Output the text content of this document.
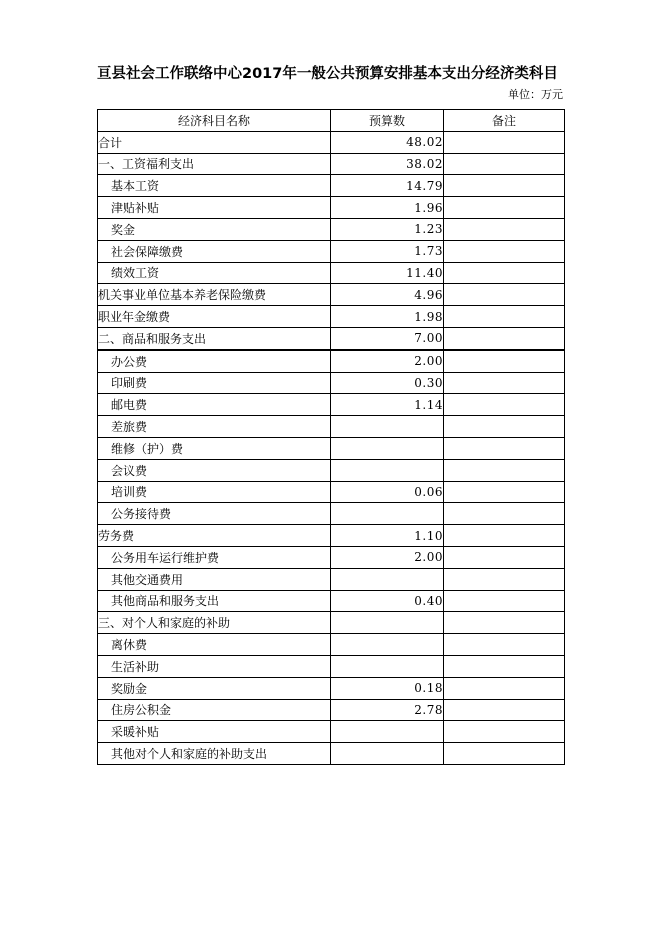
亘县社会工作联络中心2017年一般公共预算安排基本支出分经济类科目
单位：万元
经济科目名称	预算数	备注
合计	48.02	
一、工资福利支出	38.02	
基本工资	14.79	
津贴补贴	1.96	
奖金	1.23	
社会保障缴费	1.73	
绩效工资	11.40	
机关事业单位基本养老保险缴费	4.96	
职业年金缴费	1.98	
二、商品和服务支出	7.00	
办公费	2.00	
印刷费	0.30	
邮电费	1.14	
差旅费		
维修（护）费		
会议费		
培训费	0.06	
公务接待费		
劳务费	1.10	
公务用车运行维护费	2.00	
其他交通费用		
其他商品和服务支出	0.40	
三、对个人和家庭的补助		
离休费		
生活补助		
奖励金	0.18	
住房公积金	2.78	
采暖补贴		
其他对个人和家庭的补助支出		
